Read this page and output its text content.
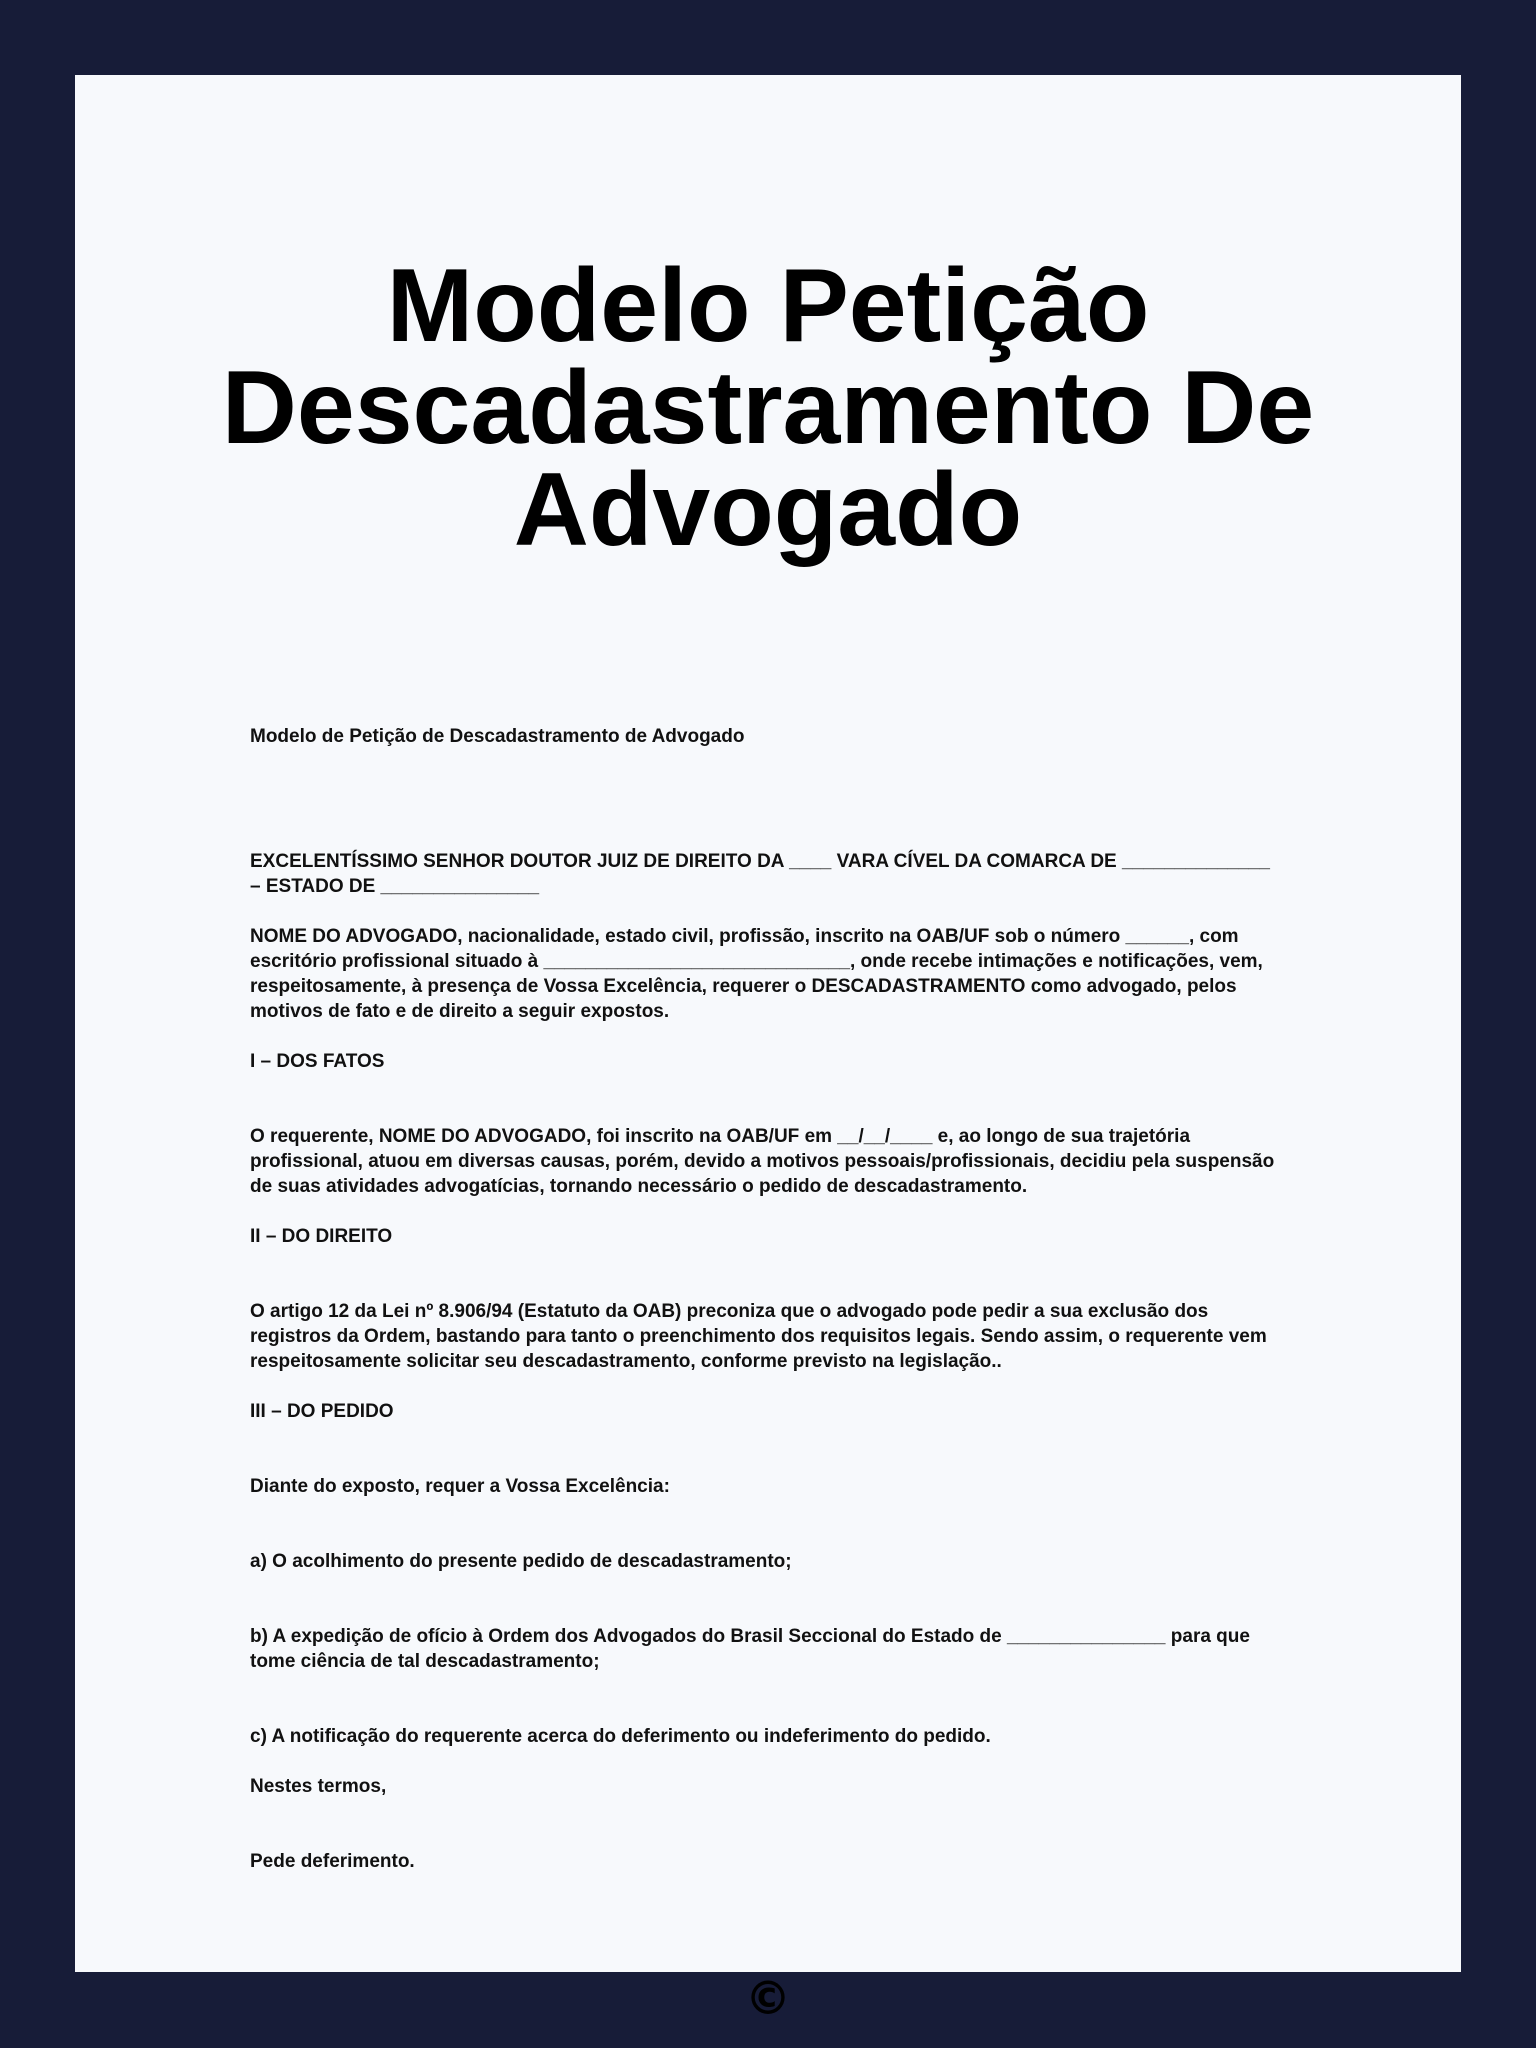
Modelo Petição Descadastramento De Advogado

Modelo de Petição de Descadastramento de Advogado

EXCELENTÍSSIMO SENHOR DOUTOR JUIZ DE DIREITO DA ____ VARA CÍVEL DA COMARCA DE ______________ – ESTADO DE _______________

NOME DO ADVOGADO, nacionalidade, estado civil, profissão, inscrito na OAB/UF sob o número ______, com escritório profissional situado à _____________________________, onde recebe intimações e notificações, vem, respeitosamente, à presença de Vossa Excelência, requerer o DESCADASTRAMENTO como advogado, pelos motivos de fato e de direito a seguir expostos.

I – DOS FATOS

O requerente, NOME DO ADVOGADO, foi inscrito na OAB/UF em __/__/____ e, ao longo de sua trajetória profissional, atuou em diversas causas, porém, devido a motivos pessoais/profissionais, decidiu pela suspensão de suas atividades advogatícias, tornando necessário o pedido de descadastramento.

II – DO DIREITO

O artigo 12 da Lei nº 8.906/94 (Estatuto da OAB) preconiza que o advogado pode pedir a sua exclusão dos registros da Ordem, bastando para tanto o preenchimento dos requisitos legais. Sendo assim, o requerente vem respeitosamente solicitar seu descadastramento, conforme previsto na legislação..

III – DO PEDIDO

Diante do exposto, requer a Vossa Excelência:

a) O acolhimento do presente pedido de descadastramento;

b) A expedição de ofício à Ordem dos Advogados do Brasil Seccional do Estado de _______________ para que tome ciência de tal descadastramento;

c) A notificação do requerente acerca do deferimento ou indeferimento do pedido.

Nestes termos,

Pede deferimento.

©
